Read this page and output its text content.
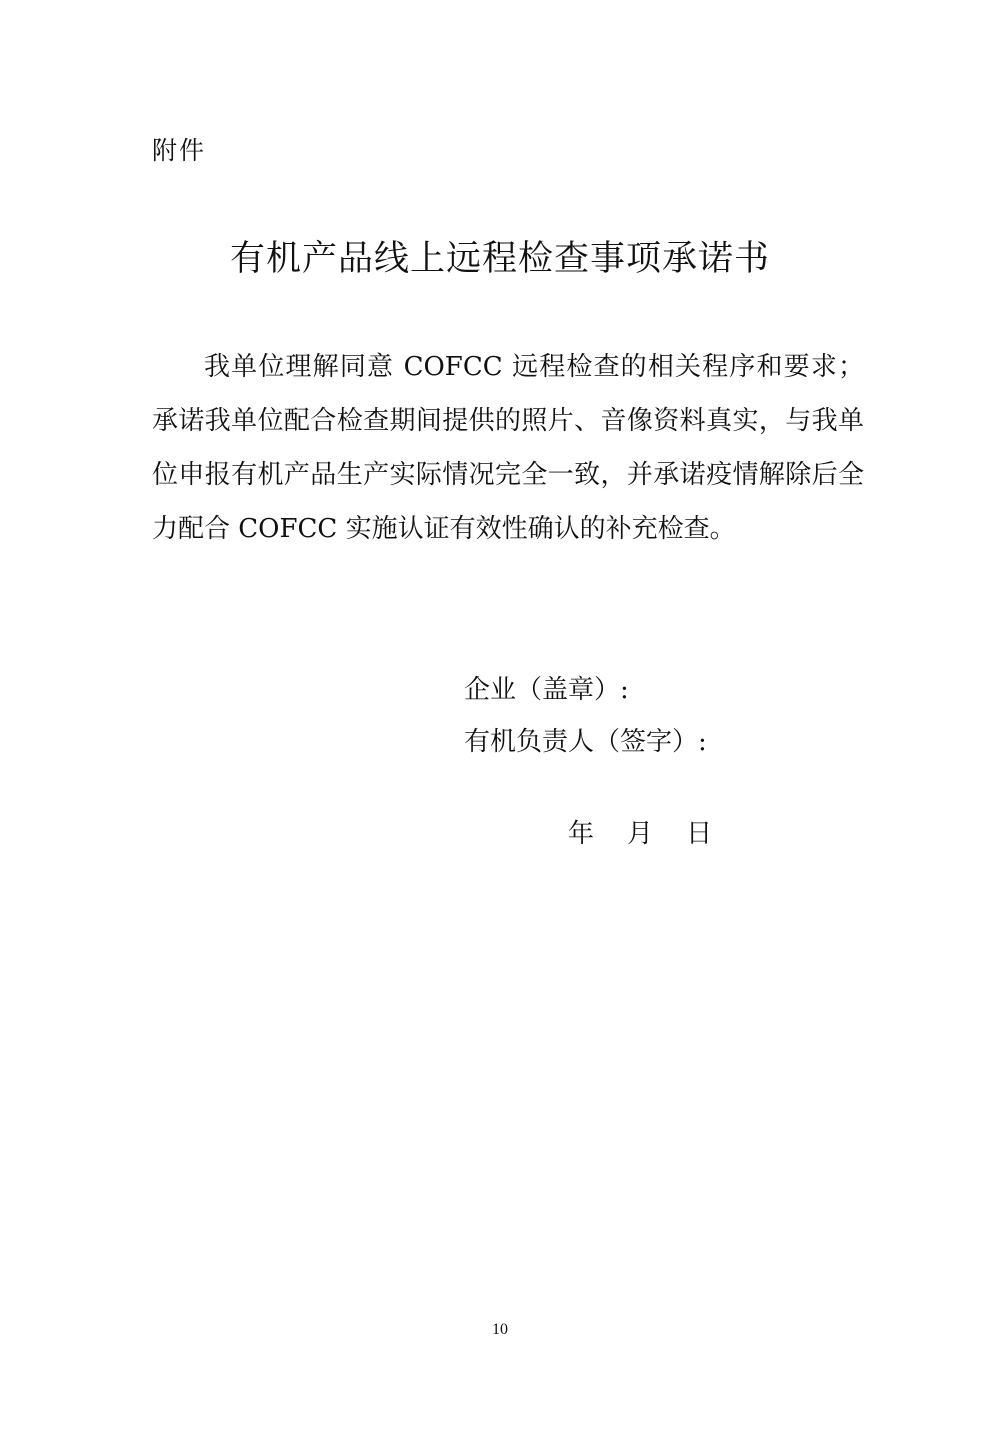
附件
有机产品线上远程检查事项承诺书

我单位理解同意 COFCC 远程检查的相关程序和要求；承诺我单位配合检查期间提供的照片、音像资料真实，与我单位申报有机产品生产实际情况完全一致，并承诺疫情解除后全力配合 COFCC 实施认证有效性确认的补充检查。

企业（盖章）:
有机负责人（签字）:
年    月    日
10
